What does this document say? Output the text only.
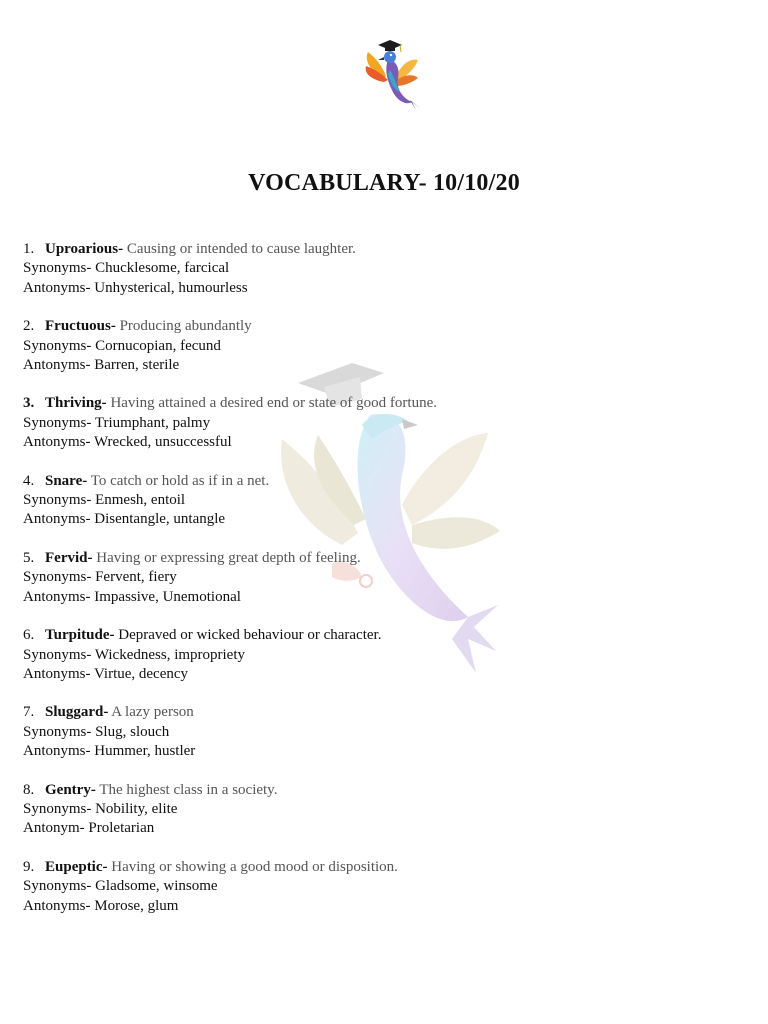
VOCABULARY- 10/10/20
1. Uproarious- Causing or intended to cause laughter.
Synonyms- Chucklesome, farcical
Antonyms- Unhysterical, humourless
2. Fructuous- Producing abundantly
Synonyms- Cornucopian, fecund
Antonyms- Barren, sterile
3. Thriving- Having attained a desired end or state of good fortune.
Synonyms- Triumphant, palmy
Antonyms- Wrecked, unsuccessful
4. Snare- To catch or hold as if in a net.
Synonyms- Enmesh, entoil
Antonyms- Disentangle, untangle
5. Fervid- Having or expressing great depth of feeling.
Synonyms- Fervent, fiery
Antonyms- Impassive, Unemotional
6. Turpitude- Depraved or wicked behaviour or character.
Synonyms- Wickedness, impropriety
Antonyms- Virtue, decency
7. Sluggard- A lazy person
Synonyms- Slug, slouch
Antonyms- Hummer, hustler
8. Gentry- The highest class in a society.
Synonyms- Nobility, elite
Antonym- Proletarian
9. Eupeptic- Having or showing a good mood or disposition.
Synonyms- Gladsome, winsome
Antonyms- Morose, glum
